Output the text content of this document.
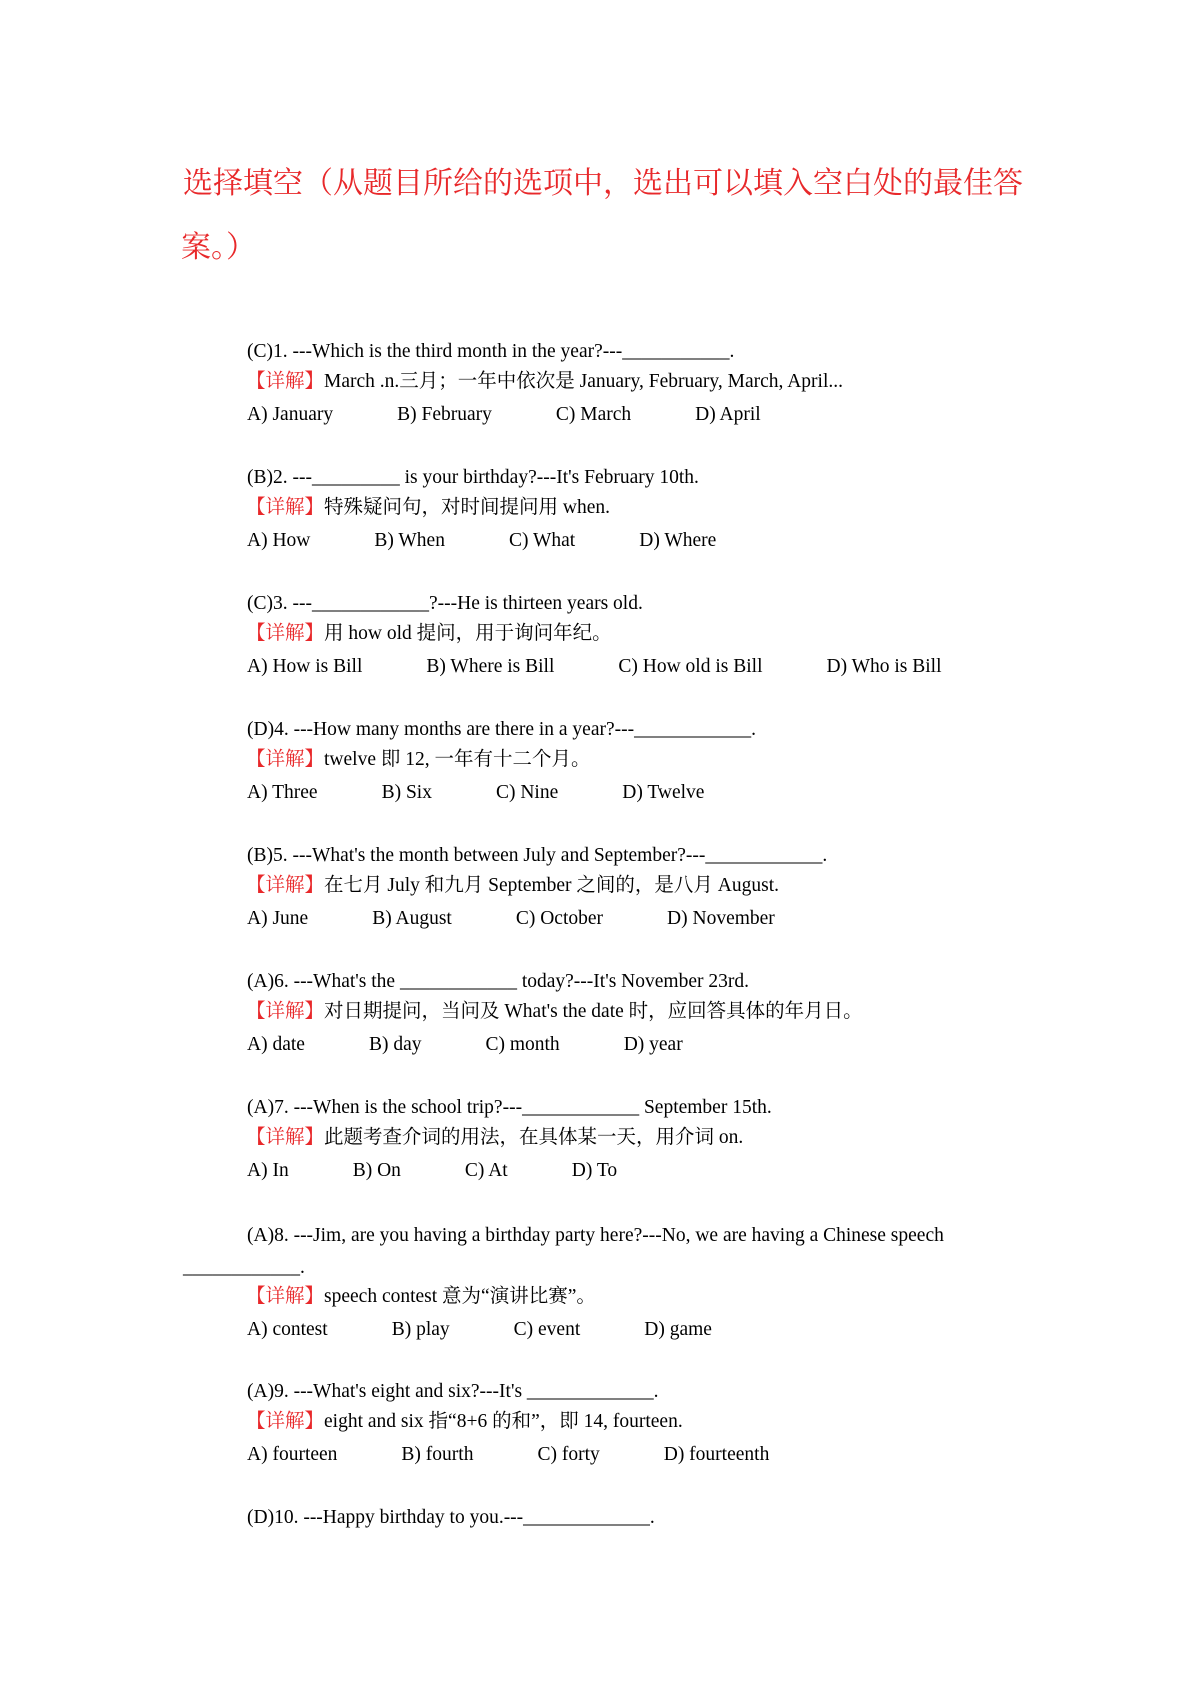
选择填空（从题目所给的选项中，选出可以填入空白处的最佳答
案。）
(C)1. ---Which is the third month in the year?---___________.
【详解】March .n.三月；一年中依次是 January, February, March, April...
A) January	B) February	C) March	D) April
(B)2. ---_________ is your birthday?---It's February 10th.
【详解】特殊疑问句，对时间提问用 when.
A) How	B) When	C) What	D) Where
(C)3. ---____________?---He is thirteen years old.
【详解】用 how old 提问，用于询问年纪。
A) How is Bill	B) Where is Bill	C) How old is Bill	D) Who is Bill
(D)4. ---How many months are there in a year?---____________.
【详解】twelve 即 12, 一年有十二个月。
A) Three	B) Six	C) Nine	D) Twelve
(B)5. ---What's the month between July and September?---____________.
【详解】在七月 July 和九月 September 之间的，是八月 August.
A) June	B) August	C) October	D) November
(A)6. ---What's the ____________ today?---It's November 23rd.
【详解】对日期提问，当问及 What's the date 时，应回答具体的年月日。
A) date	B) day	C) month	D) year
(A)7. ---When is the school trip?---____________ September 15th.
【详解】此题考查介词的用法，在具体某一天，用介词 on.
A) In	B) On	C) At	D) To
(A)8. ---Jim, are you having a birthday party here?---No, we are having a Chinese speech
____________.
【详解】speech contest 意为“演讲比赛”。
A) contest	B) play	C) event	D) game
(A)9. ---What's eight and six?---It's _____________.
【详解】eight and six 指“8+6 的和”，即 14, fourteen.
A) fourteen	B) fourth	C) forty	D) fourteenth
(D)10. ---Happy birthday to you.---_____________.
